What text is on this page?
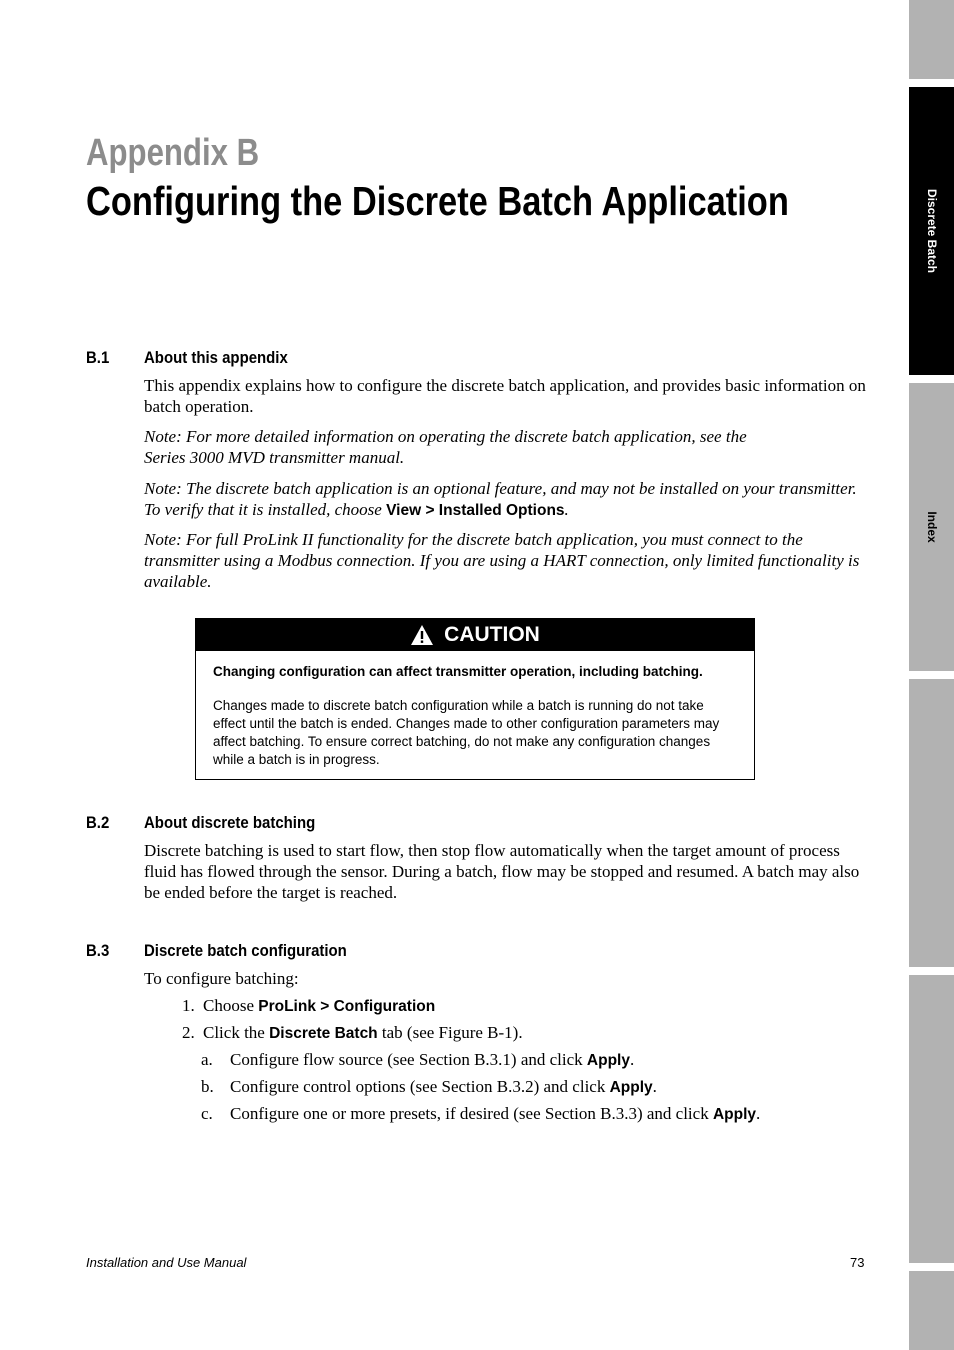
Discrete Batch
Index
Appendix B
Configuring the Discrete Batch Application
B.1 About this appendix
This appendix explains how to configure the discrete batch application, and provides basic information on batch operation.
Note: For more detailed information on operating the discrete batch application, see the Series 3000 MVD transmitter manual.
Note: The discrete batch application is an optional feature, and may not be installed on your transmitter. To verify that it is installed, choose View > Installed Options.
Note: For full ProLink II functionality for the discrete batch application, you must connect to the transmitter using a Modbus connection. If you are using a HART connection, only limited functionality is available.
CAUTION
Changing configuration can affect transmitter operation, including batching.
Changes made to discrete batch configuration while a batch is running do not take effect until the batch is ended. Changes made to other configuration parameters may affect batching. To ensure correct batching, do not make any configuration changes while a batch is in progress.
B.2 About discrete batching
Discrete batching is used to start flow, then stop flow automatically when the target amount of process fluid has flowed through the sensor. During a batch, flow may be stopped and resumed. A batch may also be ended before the target is reached.
B.3 Discrete batch configuration
To configure batching:
1. Choose ProLink > Configuration
2. Click the Discrete Batch tab (see Figure B-1).
a. Configure flow source (see Section B.3.1) and click Apply.
b. Configure control options (see Section B.3.2) and click Apply.
c. Configure one or more presets, if desired (see Section B.3.3) and click Apply.
Installation and Use Manual	73
